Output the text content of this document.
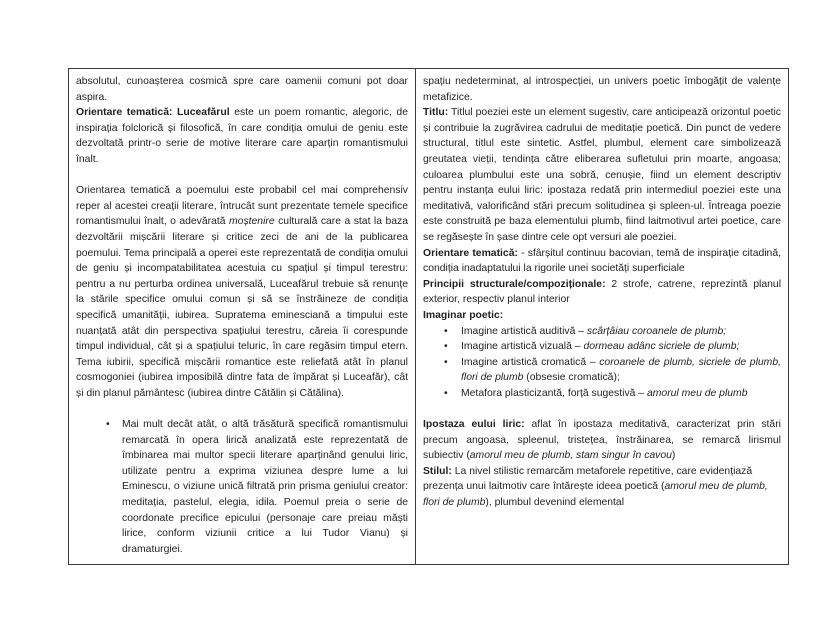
absolutul, cunoașterea cosmică spre care oamenii comuni pot doar aspira.

Orientare tematică: Luceafărul este un poem romantic, alegoric, de inspirația folclorică și filosofică, în care condiția omului de geniu este dezvoltată printr-o serie de motive literare care aparțin romantismului înalt.

Orientarea tematică a poemului este probabil cel mai comprehensiv reper al acestei creații literare, întrucât sunt prezentate temele specifice romantismului înalt, o adevărată moștenire culturală care a stat la baza dezvoltării mișcării literare și critice zeci de ani de la publicarea poemului. Tema principală a operei este reprezentată de condiția omului de geniu și incompatabilitatea acestuia cu spațiul și timpul terestru: pentru a nu perturba ordinea universală, Luceafărul trebuie să renunțe la stările specifice omului comun și să se înstrăineze de condiția specifică umanității, iubirea. Supratema eminesciană a timpului este nuanțată atât din perspectiva spațiului terestru, căreia îi corespunde timpul individual, cât și a spațiului teluric, în care regăsim timpul etern. Tema iubirii, specifică mișcării romantice este reliefată atât în planul cosmogoniei (iubirea imposibilă dintre fata de împărat și Luceafăr), cât și din planul pământesc (iubirea dintre Cătălin și Cătălina).

• Mai mult decât atât, o altă trăsătură specifică romantismului remarcată în opera lirică analizată este reprezentată de îmbinarea mai multor specii literare aparținând genului liric, utilizate pentru a exprima viziunea despre lume a lui Eminescu, o viziune unică filtrată prin prisma geniului creator: meditația, pastelul, elegia, idila. Poemul preia o serie de coordonate precifice epicului (personaje care preiau măști lirice, conform viziunii critice a lui Tudor Vianu) și dramaturgiei.

spațiu nedeterminat, al introspecției, un univers poetic îmbogățit de valențe metafizice.

Titlu: Titlul poeziei este un element sugestiv, care anticipează orizontul poetic și contribuie la zugrăvirea cadrului de meditație poetică. Din punct de vedere structural, titlul este sintetic. Astfel, plumbul, element care simbolizează greutatea vieții, tendința către eliberarea sufletului prin moarte, angoasa; culoarea plumbului este una sobră, cenușie, fiind un element descriptiv pentru instanța eului liric: ipostaza redată prin intermediul poeziei este una meditativă, valorificând stări precum solitudinea și spleen-ul. Întreaga poezie este construită pe baza elementului plumb, fiind laitmotivul artei poetice, care se regăsește în șase dintre cele opt versuri ale poeziei.

Orientare tematică: - sfârșitul continuu bacovian, temă de inspirație citadină, condiția inadaptatului la rigorile unei societăți superficiale

Principii structurale/compoziționale: 2 strofe, catrene, reprezintă planul exterior, respectiv planul interior

Imaginar poetic:

• Imagine artistică auditivă – scârțâiau coroanele de plumb;
• Imagine artistică vizuală – dormeau adânc sicriele de plumb;
• Imagine artistică cromatică – coroanele de plumb, sicriele de plumb, flori de plumb (obsesie cromatică);
• Metafora plasticizantă, forță sugestivă – amorul meu de plumb

Ipostaza eului liric: aflat în ipostaza meditativă, caracterizat prin stări precum angoasa, spleenul, tristețea, înstrăinarea, se remarcă lirismul subiectiv (amorul meu de plumb, stam singur în cavou)

Stilul: La nivel stilistic remarcăm metaforele repetitive, care evidențiază prezența unui laitmotiv care întărește ideea poetică (amorul meu de plumb, flori de plumb), plumbul devenind elemental
